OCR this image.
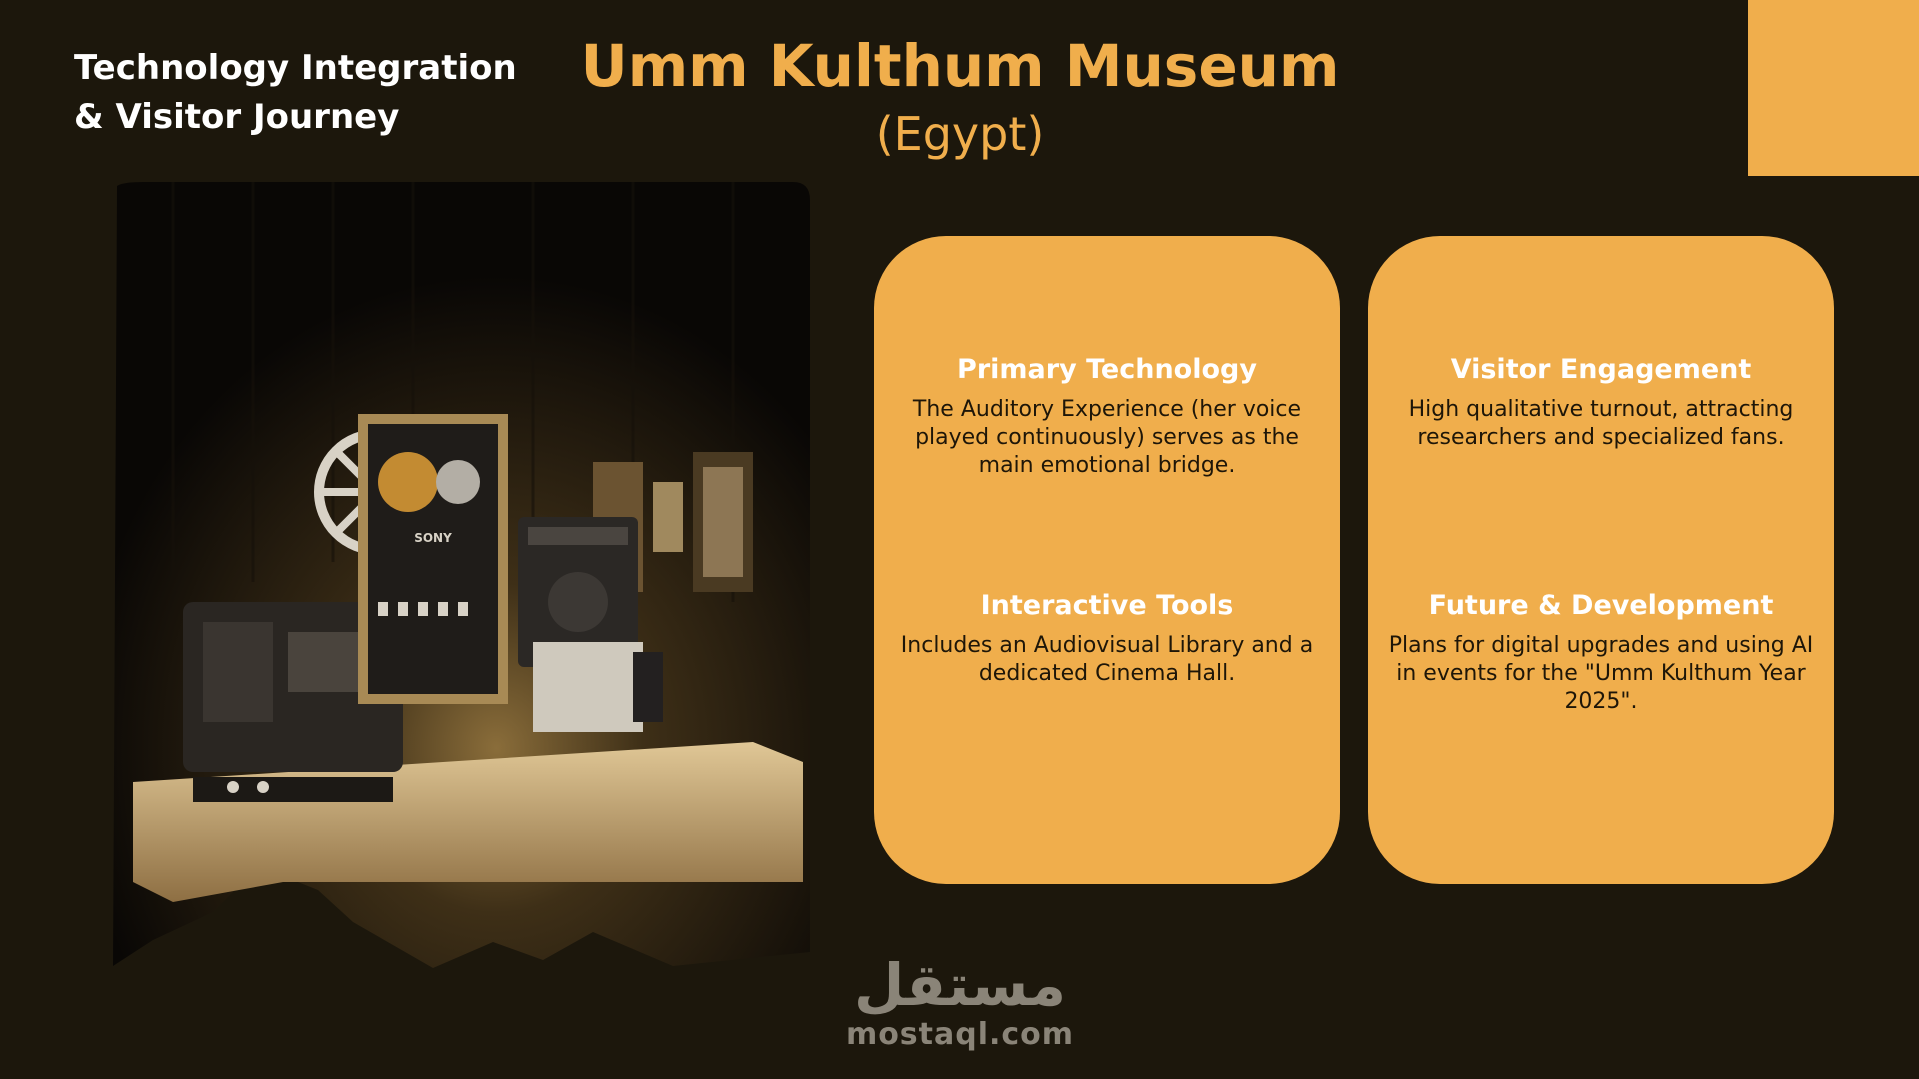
Technology Integration & Visitor Journey
Umm Kulthum Museum
(Egypt)
SONY
Primary Technology

The Auditory Experience (her voice played continuously) serves as the main emotional bridge.

Interactive Tools

Includes an Audiovisual Library and a dedicated Cinema Hall.

Visitor Engagement

High qualitative turnout, attracting researchers and specialized fans.

Future & Development

Plans for digital upgrades and using AI in events for the "Umm Kulthum Year 2025".

مستقل
mostaql.com
